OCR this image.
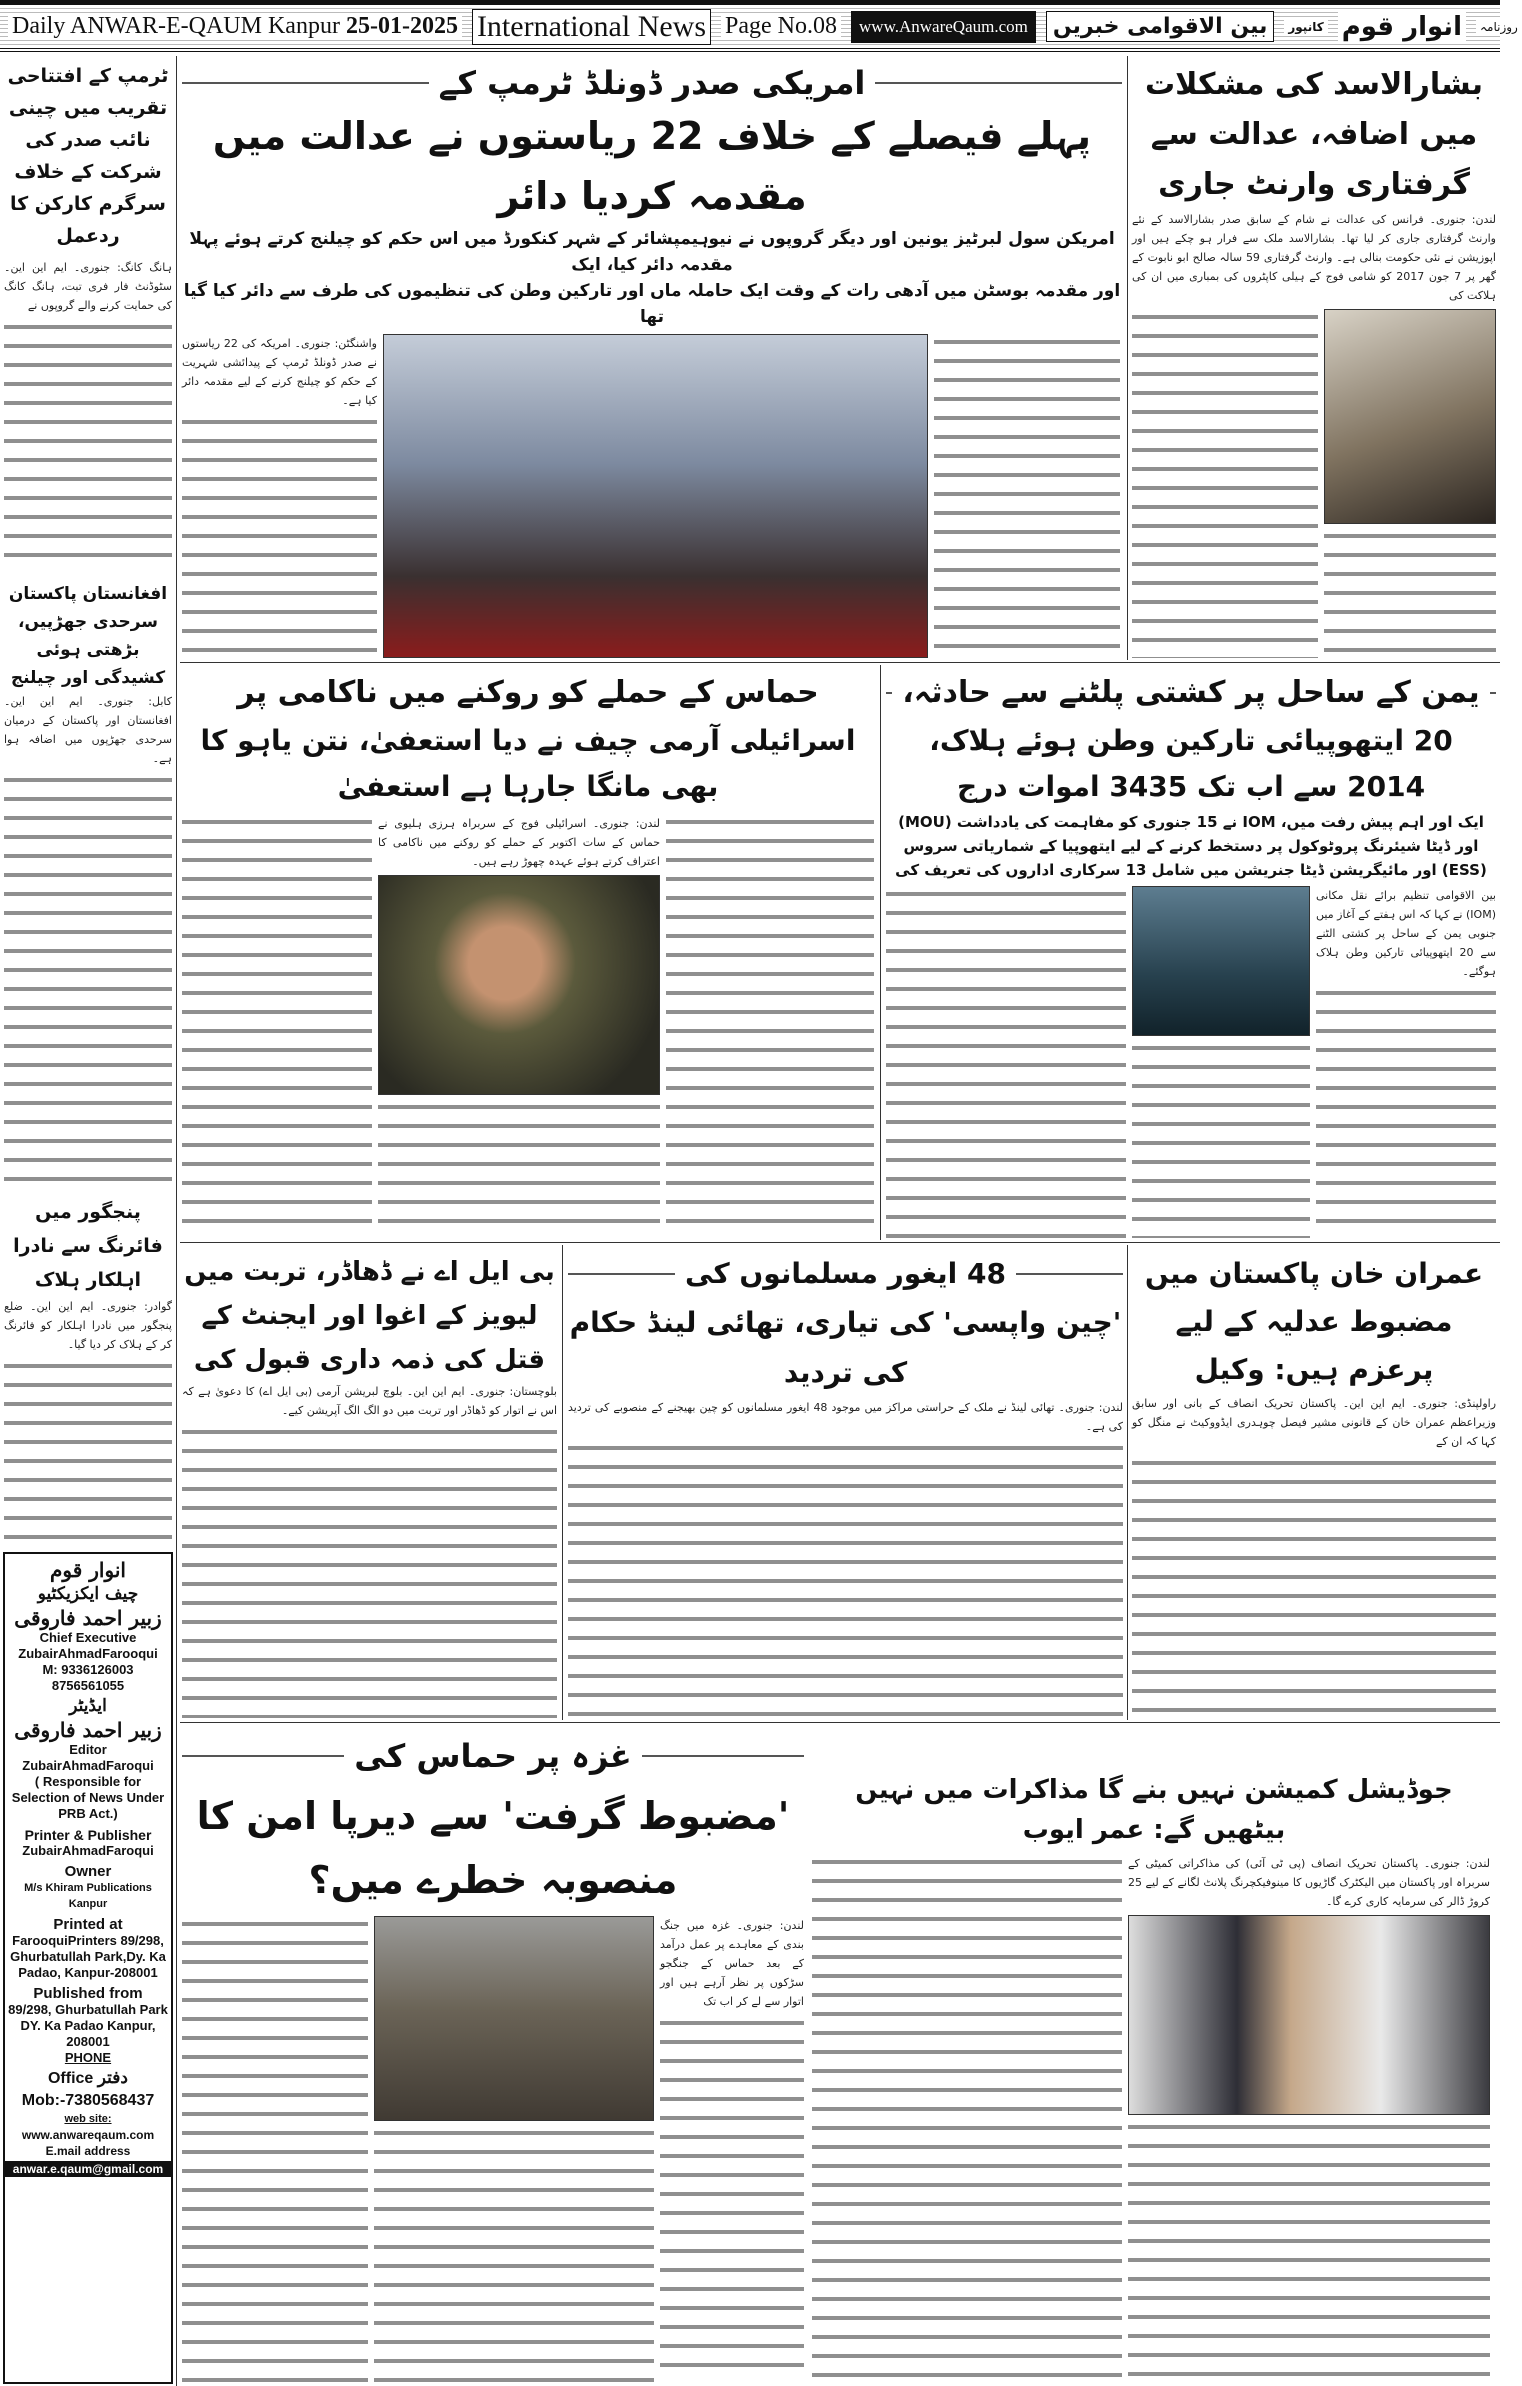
Daily ANWAR-E-QAUM Kanpur 25-01-2025 International News Page No.08	www.AnwareQaum.com	بین الاقوامی خبریں	کانپور انوار قوم	روزنامہ
ٹرمپ کے افتتاحی تقریب میں چینی نائب صدر کی شرکت کے خلاف سرگرم کارکن کا ردعمل
ہانگ کانگ: جنوری۔ ایم این این۔ سٹوڈنٹ فار فری تبت، ہانگ کانگ کی حمایت کرنے والے گروپوں نے
افغانستان پاکستان سرحدی جھڑپیں، بڑھتی ہوئی کشیدگی اور چیلنج
کابل: جنوری۔ ایم این این۔ افغانستان اور پاکستان کے درمیان سرحدی جھڑپوں میں اضافہ ہوا ہے۔
پنجگور میں فائرنگ سے نادرا اہلکار ہلاک
گوادر: جنوری۔ ایم این این۔ ضلع پنجگور میں نادرا اہلکار کو فائرنگ کر کے ہلاک کر دیا گیا۔
انوار قوم
چیف ایکزیکٹیو
زبیر احمد فاروقی
Chief Executive
ZubairAhmadFarooqui
M: 9336126003
8756561055
ایڈیٹر
زبیر احمد فاروقی
Editor
ZubairAhmadFaroqui
( Responsible for Selection of News Under PRB Act.)
Printer & Publisher
ZubairAhmadFaroqui
Owner
M/s Khiram Publications
Kanpur
Printed at
FarooquiPrinters 89/298, Ghurbatullah Park,Dy. Ka Padao, Kanpur-208001
Published from
89/298, Ghurbatullah Park DY. Ka Padao Kanpur, 208001
PHONE
Office دفتر
Mob:-7380568437
web site:
www.anwareqaum.com
E.mail address
anwar.e.qaum@gmail.com
امریکی صدر ڈونلڈ ٹرمپ کے
پہلے فیصلے کے خلاف 22 ریاستوں نے عدالت میں مقدمہ کردیا دائر
امریکن سول لبرٹیز یونین اور دیگر گروپوں نے نیوہیمپشائر کے شہر کنکورڈ میں اس حکم کو چیلنج کرتے ہوئے پہلا مقدمہ دائر کیا، ایک
اور مقدمہ بوسٹن میں آدھی رات کے وقت ایک حاملہ ماں اور تارکین وطن کی تنظیموں کی طرف سے دائر کیا گیا تھا
واشنگٹن: جنوری۔ امریکہ کی 22 ریاستوں نے صدر ڈونلڈ ٹرمپ کے پیدائشی شہریت کے حکم کو چیلنج کرنے کے لیے مقدمہ دائر کیا ہے۔
بشارالاسد کی مشکلات میں اضافہ، عدالت سے گرفتاری وارنٹ جاری
لندن: جنوری۔ فرانس کی عدالت نے شام کے سابق صدر بشارالاسد کے نئے وارنٹ گرفتاری جاری کر لیا تھا۔ بشارالاسد ملک سے فرار ہو چکے ہیں اور اپوزیشن نے نئی حکومت بنالی ہے۔ وارنٹ گرفتاری 59 سالہ صالح ابو نابوت کے گھر پر 7 جون 2017 کو شامی فوج کے ہیلی کاپٹروں کی بمباری میں ان کی ہلاکت کی
حماس کے حملے کو روکنے میں ناکامی پر
اسرائیلی آرمی چیف نے دیا استعفیٰ، نتن یاہو کا بھی مانگا جارہا ہے استعفیٰ
لندن: جنوری۔ اسرائیلی فوج کے سربراہ ہرزی ہلیوی نے حماس کے سات اکتوبر کے حملے کو روکنے میں ناکامی کا اعتراف کرتے ہوئے عہدہ چھوڑ رہے ہیں۔
یمن کے ساحل پر کشتی پلٹنے سے حادثہ،
20 ایتھوپیائی تارکین وطن ہوئے ہلاک، 2014 سے اب تک 3435 اموات درج
ایک اور اہم پیش رفت میں، IOM نے 15 جنوری کو مفاہمت کی یادداشت (MOU) اور ڈیٹا شیئرنگ پروٹوکول پر دستخط کرنے کے لیے ایتھوپیا کے شماریاتی سروس (ESS) اور مائیگریشن ڈیٹا جنریشن میں شامل 13 سرکاری اداروں کی تعریف کی
بین الاقوامی تنظیم برائے نقل مکانی (IOM) نے کہا کہ اس ہفتے کے آغاز میں جنوبی یمن کے ساحل پر کشتی الٹنے سے 20 ایتھوپیائی تارکین وطن ہلاک ہوگئے۔
بی ایل اے نے ڈھاڈر، تربت میں لیویز کے اغوا اور ایجنٹ کے قتل کی ذمہ داری قبول کی
بلوچستان: جنوری۔ ایم این این۔ بلوچ لبریشن آرمی (بی ایل اے) کا دعویٰ ہے کہ اس نے اتوار کو ڈھاڈر اور تربت میں دو الگ الگ آپریشن کیے۔
48 ایغور مسلمانوں کی
'چین واپسی' کی تیاری، تھائی لینڈ حکام کی تردید
لندن: جنوری۔ تھائی لینڈ نے ملک کے حراستی مراکز میں موجود 48 ایغور مسلمانوں کو چین بھیجنے کے منصوبے کی تردید کی ہے۔
عمران خان پاکستان میں مضبوط عدلیہ کے لیے پرعزم ہیں: وکیل
راولپنڈی: جنوری۔ ایم این این۔ پاکستان تحریک انصاف کے بانی اور سابق وزیراعظم عمران خان کے قانونی مشیر فیصل چوہدری ایڈووکیٹ نے منگل کو کہا کہ ان کے
غزہ پر حماس کی
'مضبوط گرفت' سے دیرپا امن کا منصوبہ خطرے میں؟
لندن: جنوری۔ غزہ میں جنگ بندی کے معاہدے پر عمل درآمد کے بعد حماس کے جنگجو سڑکوں پر نظر آرہے ہیں اور اتوار سے لے کر اب تک
جوڈیشل کمیشن نہیں بنے گا مذاکرات میں نہیں بیٹھیں گے: عمر ایوب
لندن: جنوری۔ پاکستان تحریک انصاف (پی ٹی آئی) کی مذاکراتی کمیٹی کے سربراہ اور پاکستان میں الیکٹرک گاڑیوں کا مینوفیکچرنگ پلانٹ لگانے کے لیے 25 کروڑ ڈالر کی سرمایہ کاری کرے گا۔
